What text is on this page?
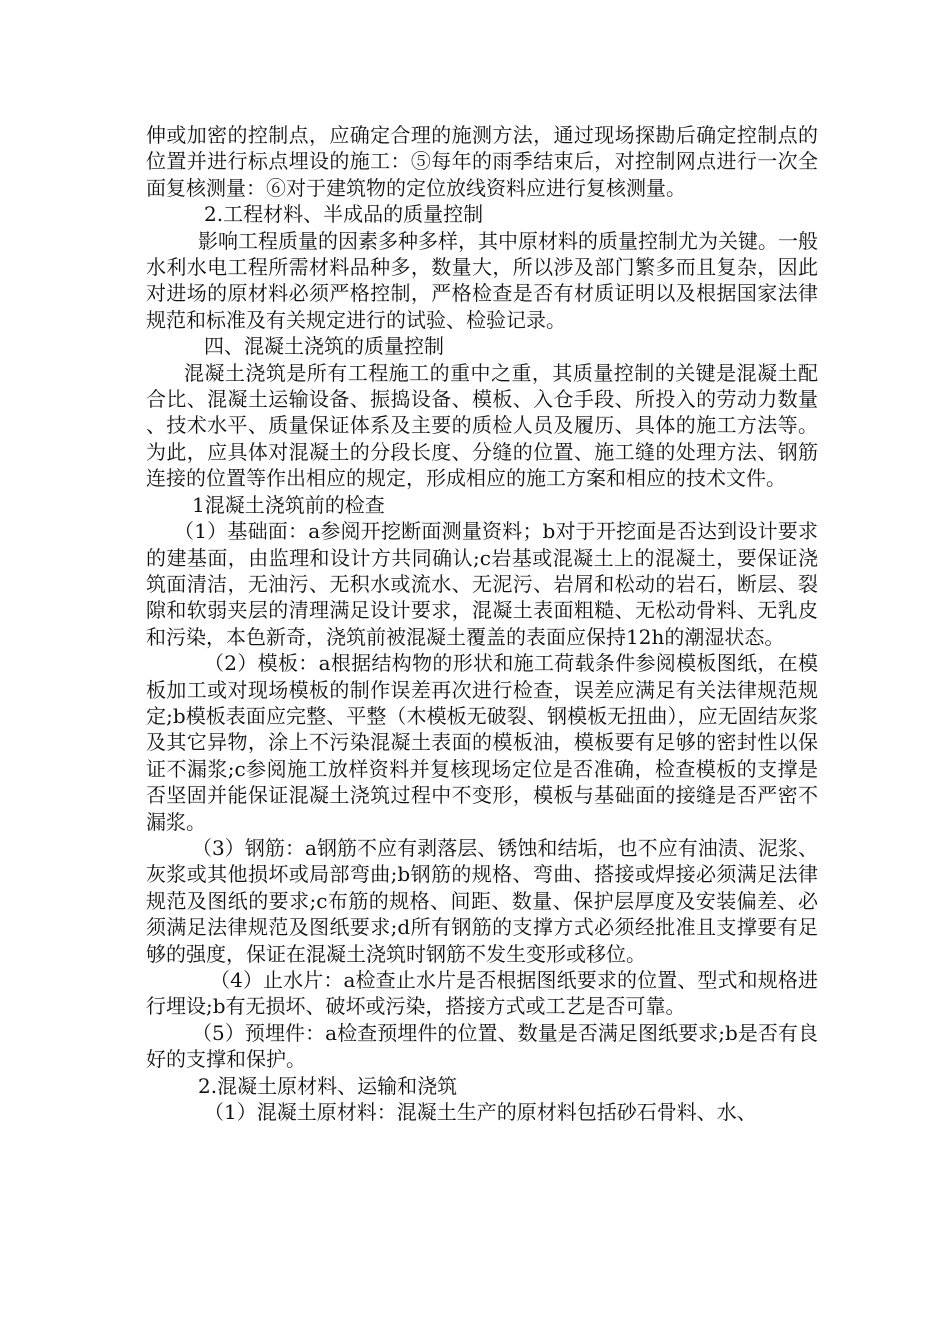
伸或加密的控制点，应确定合理的施测方法，通过现场探勘后确定控制点的位置并进行标点埋设的施工：⑤每年的雨季结束后，对控制网点进行一次全面复核测量：⑥对于建筑物的定位放线资料应进行复核测量。

2.工程材料、半成品的质量控制

影响工程质量的因素多种多样，其中原材料的质量控制尤为关键。一般水利水电工程所需材料品种多，数量大，所以涉及部门繁多而且复杂，因此对进场的原材料必须严格控制，严格检查是否有材质证明以及根据国家法律规范和标准及有关规定进行的试验、检验记录。

四、混凝土浇筑的质量控制

混凝土浇筑是所有工程施工的重中之重，其质量控制的关键是混凝土配合比、混凝土运输设备、振捣设备、模板、入仓手段、所投入的劳动力数量、技术水平、质量保证体系及主要的质检人员及履历、具体的施工方法等。为此，应具体对混凝土的分段长度、分缝的位置、施工缝的处理方法、钢筋连接的位置等作出相应的规定，形成相应的施工方案和相应的技术文件。

1混凝土浇筑前的检查

（1）基础面：a参阅开挖断面测量资料；b对于开挖面是否达到设计要求的建基面，由监理和设计方共同确认;c岩基或混凝土上的混凝土，要保证浇筑面清洁，无油污、无积水或流水、无泥污、岩屑和松动的岩石，断层、裂隙和软弱夹层的清理满足设计要求，混凝土表面粗糙、无松动骨料、无乳皮和污染，本色新奇，浇筑前被混凝土覆盖的表面应保持12h的潮湿状态。

（2）模板：a根据结构物的形状和施工荷载条件参阅模板图纸，在模板加工或对现场模板的制作误差再次进行检查，误差应满足有关法律规范规定;b模板表面应完整、平整（木模板无破裂、钢模板无扭曲），应无固结灰浆及其它异物，涂上不污染混凝土表面的模板油，模板要有足够的密封性以保证不漏浆;c参阅施工放样资料并复核现场定位是否准确，检查模板的支撑是否坚固并能保证混凝土浇筑过程中不变形，模板与基础面的接缝是否严密不漏浆。

（3）钢筋：a钢筋不应有剥落层、锈蚀和结垢，也不应有油渍、泥浆、灰浆或其他损坏或局部弯曲;b钢筋的规格、弯曲、搭接或焊接必须满足法律规范及图纸的要求;c布筋的规格、间距、数量、保护层厚度及安装偏差、必须满足法律规范及图纸要求;d所有钢筋的支撑方式必须经批准且支撑要有足够的强度，保证在混凝土浇筑时钢筋不发生变形或移位。

（4）止水片：a检查止水片是否根据图纸要求的位置、型式和规格进行埋设;b有无损坏、破坏或污染，搭接方式或工艺是否可靠。

（5）预埋件：a检查预埋件的位置、数量是否满足图纸要求;b是否有良好的支撑和保护。

2.混凝土原材料、运输和浇筑

（1）混凝土原材料：混凝土生产的原材料包括砂石骨料、水、
